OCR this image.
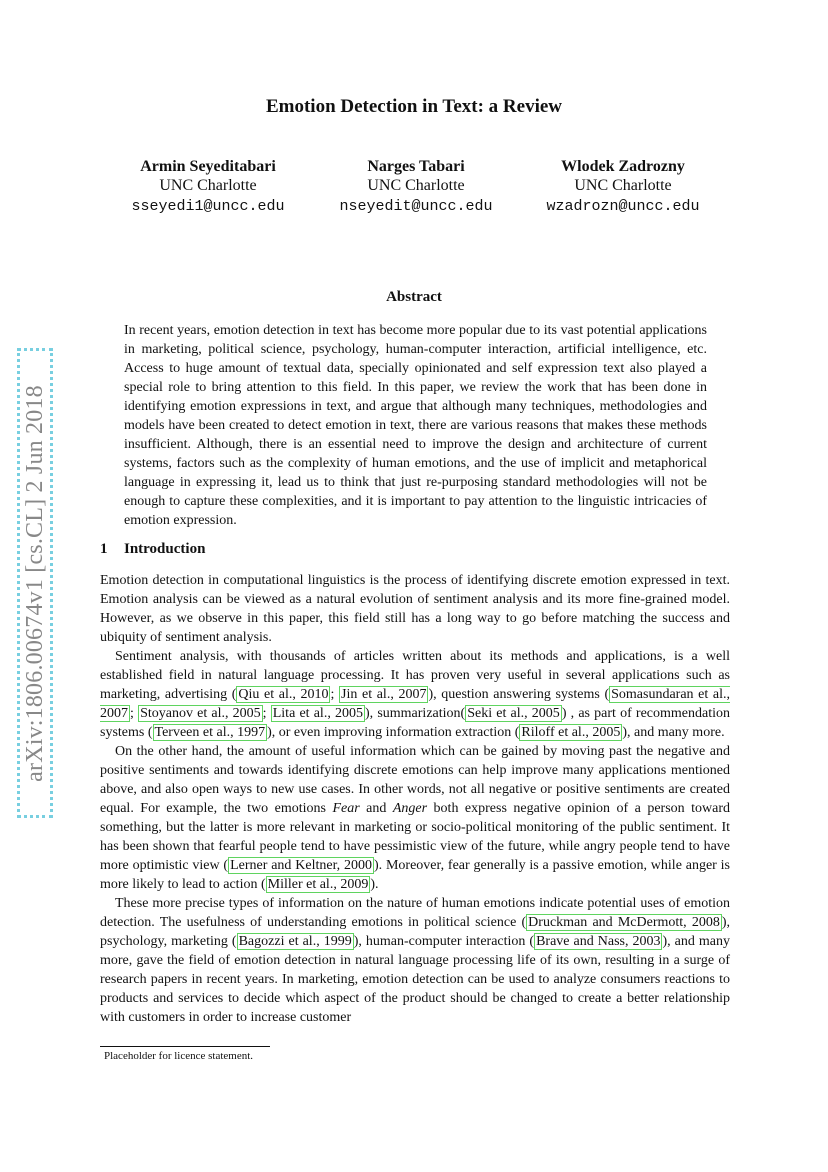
arXiv:1806.00674v1 [cs.CL] 2 Jun 2018
Emotion Detection in Text: a Review
Armin Seyeditabari
UNC Charlotte
sseyedi1@uncc.edu
Narges Tabari
UNC Charlotte
nseyedit@uncc.edu
Wlodek Zadrozny
UNC Charlotte
wzadrozn@uncc.edu
Abstract

In recent years, emotion detection in text has become more popular due to its vast potential applications in marketing, political science, psychology, human-computer interaction, artificial intelligence, etc. Access to huge amount of textual data, specially opinionated and self expression text also played a special role to bring attention to this field. In this paper, we review the work that has been done in identifying emotion expressions in text, and argue that although many techniques, methodologies and models have been created to detect emotion in text, there are various reasons that makes these methods insufficient. Although, there is an essential need to improve the design and architecture of current systems, factors such as the complexity of human emotions, and the use of implicit and metaphorical language in expressing it, lead us to think that just re-purposing standard methodologies will not be enough to capture these complexities, and it is important to pay attention to the linguistic intricacies of emotion expression.

1 Introduction

Emotion detection in computational linguistics is the process of identifying discrete emotion expressed in text. Emotion analysis can be viewed as a natural evolution of sentiment analysis and its more fine-grained model. However, as we observe in this paper, this field still has a long way to go before matching the success and ubiquity of sentiment analysis.

Sentiment analysis, with thousands of articles written about its methods and applications, is a well established field in natural language processing. It has proven very useful in several applications such as marketing, advertising ( Qiu et al., 2010 ; Jin et al., 2007 ), question answering systems ( Somasundaran et al., 2007 ; Stoyanov et al., 2005 ; Lita et al., 2005 ), summarization( Seki et al., 2005 ) , as part of recommendation systems ( Terveen et al., 1997 ), or even improving information extraction ( Riloff et al., 2005 ), and many more.

On the other hand, the amount of useful information which can be gained by moving past the negative and positive sentiments and towards identifying discrete emotions can help improve many applications mentioned above, and also open ways to new use cases. In other words, not all negative or positive sentiments are created equal. For example, the two emotions Fear and Anger both express negative opinion of a person toward something, but the latter is more relevant in marketing or socio-political monitoring of the public sentiment. It has been shown that fearful people tend to have pessimistic view of the future, while angry people tend to have more optimistic view ( Lerner and Keltner, 2000 ). Moreover, fear generally is a passive emotion, while anger is more likely to lead to action ( Miller et al., 2009 ).

These more precise types of information on the nature of human emotions indicate potential uses of emotion detection. The usefulness of understanding emotions in political science ( Druckman and McDermott, 2008 ), psychology, marketing ( Bagozzi et al., 1999 ), human-computer interaction ( Brave and Nass, 2003 ), and many more, gave the field of emotion detection in natural language processing life of its own, resulting in a surge of research papers in recent years. In marketing, emotion detection can be used to analyze consumers reactions to products and services to decide which aspect of the product should be changed to create a better relationship with customers in order to increase customer

Placeholder for licence statement.
